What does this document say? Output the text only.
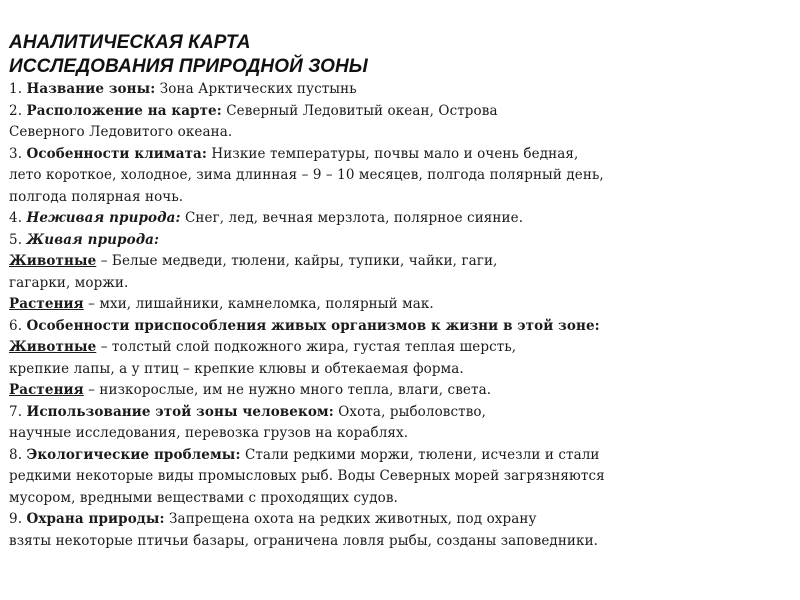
АНАЛИТИЧЕСКАЯ КАРТА
ИССЛЕДОВАНИЯ ПРИРОДНОЙ ЗОНЫ
1. Название зоны: Зона Арктических пустынь
2. Расположение на карте: Северный Ледовитый океан, Острова
Северного Ледовитого океана.
3. Особенности климата: Низкие температуры, почвы мало и очень бедная,
лето короткое, холодное, зима длинная – 9 – 10 месяцев, полгода полярный день,
полгода полярная ночь.
4. Неживая природа: Снег, лед, вечная мерзлота, полярное сияние.
5. Живая природа:
Животные – Белые медведи, тюлени, кайры, тупики, чайки, гаги,
гагарки, моржи.
Растения – мхи, лишайники, камнеломка, полярный мак.
6. Особенности приспособления живых организмов к жизни в этой зоне:
Животные – толстый слой подкожного жира, густая теплая шерсть,
крепкие лапы, а у птиц – крепкие клювы и обтекаемая форма.
Растения – низкорослые, им не нужно много тепла, влаги, света.
7. Использование этой зоны человеком: Охота, рыболовство,
научные исследования, перевозка грузов на кораблях.
8. Экологические проблемы: Стали редкими моржи, тюлени, исчезли и стали
редкими некоторые виды промысловых рыб. Воды Северных морей загрязняются
мусором, вредными веществами с проходящих судов.
9. Охрана природы: Запрещена охота на редких животных, под охрану
взяты некоторые птичьи базары, ограничена ловля рыбы, созданы заповедники.
